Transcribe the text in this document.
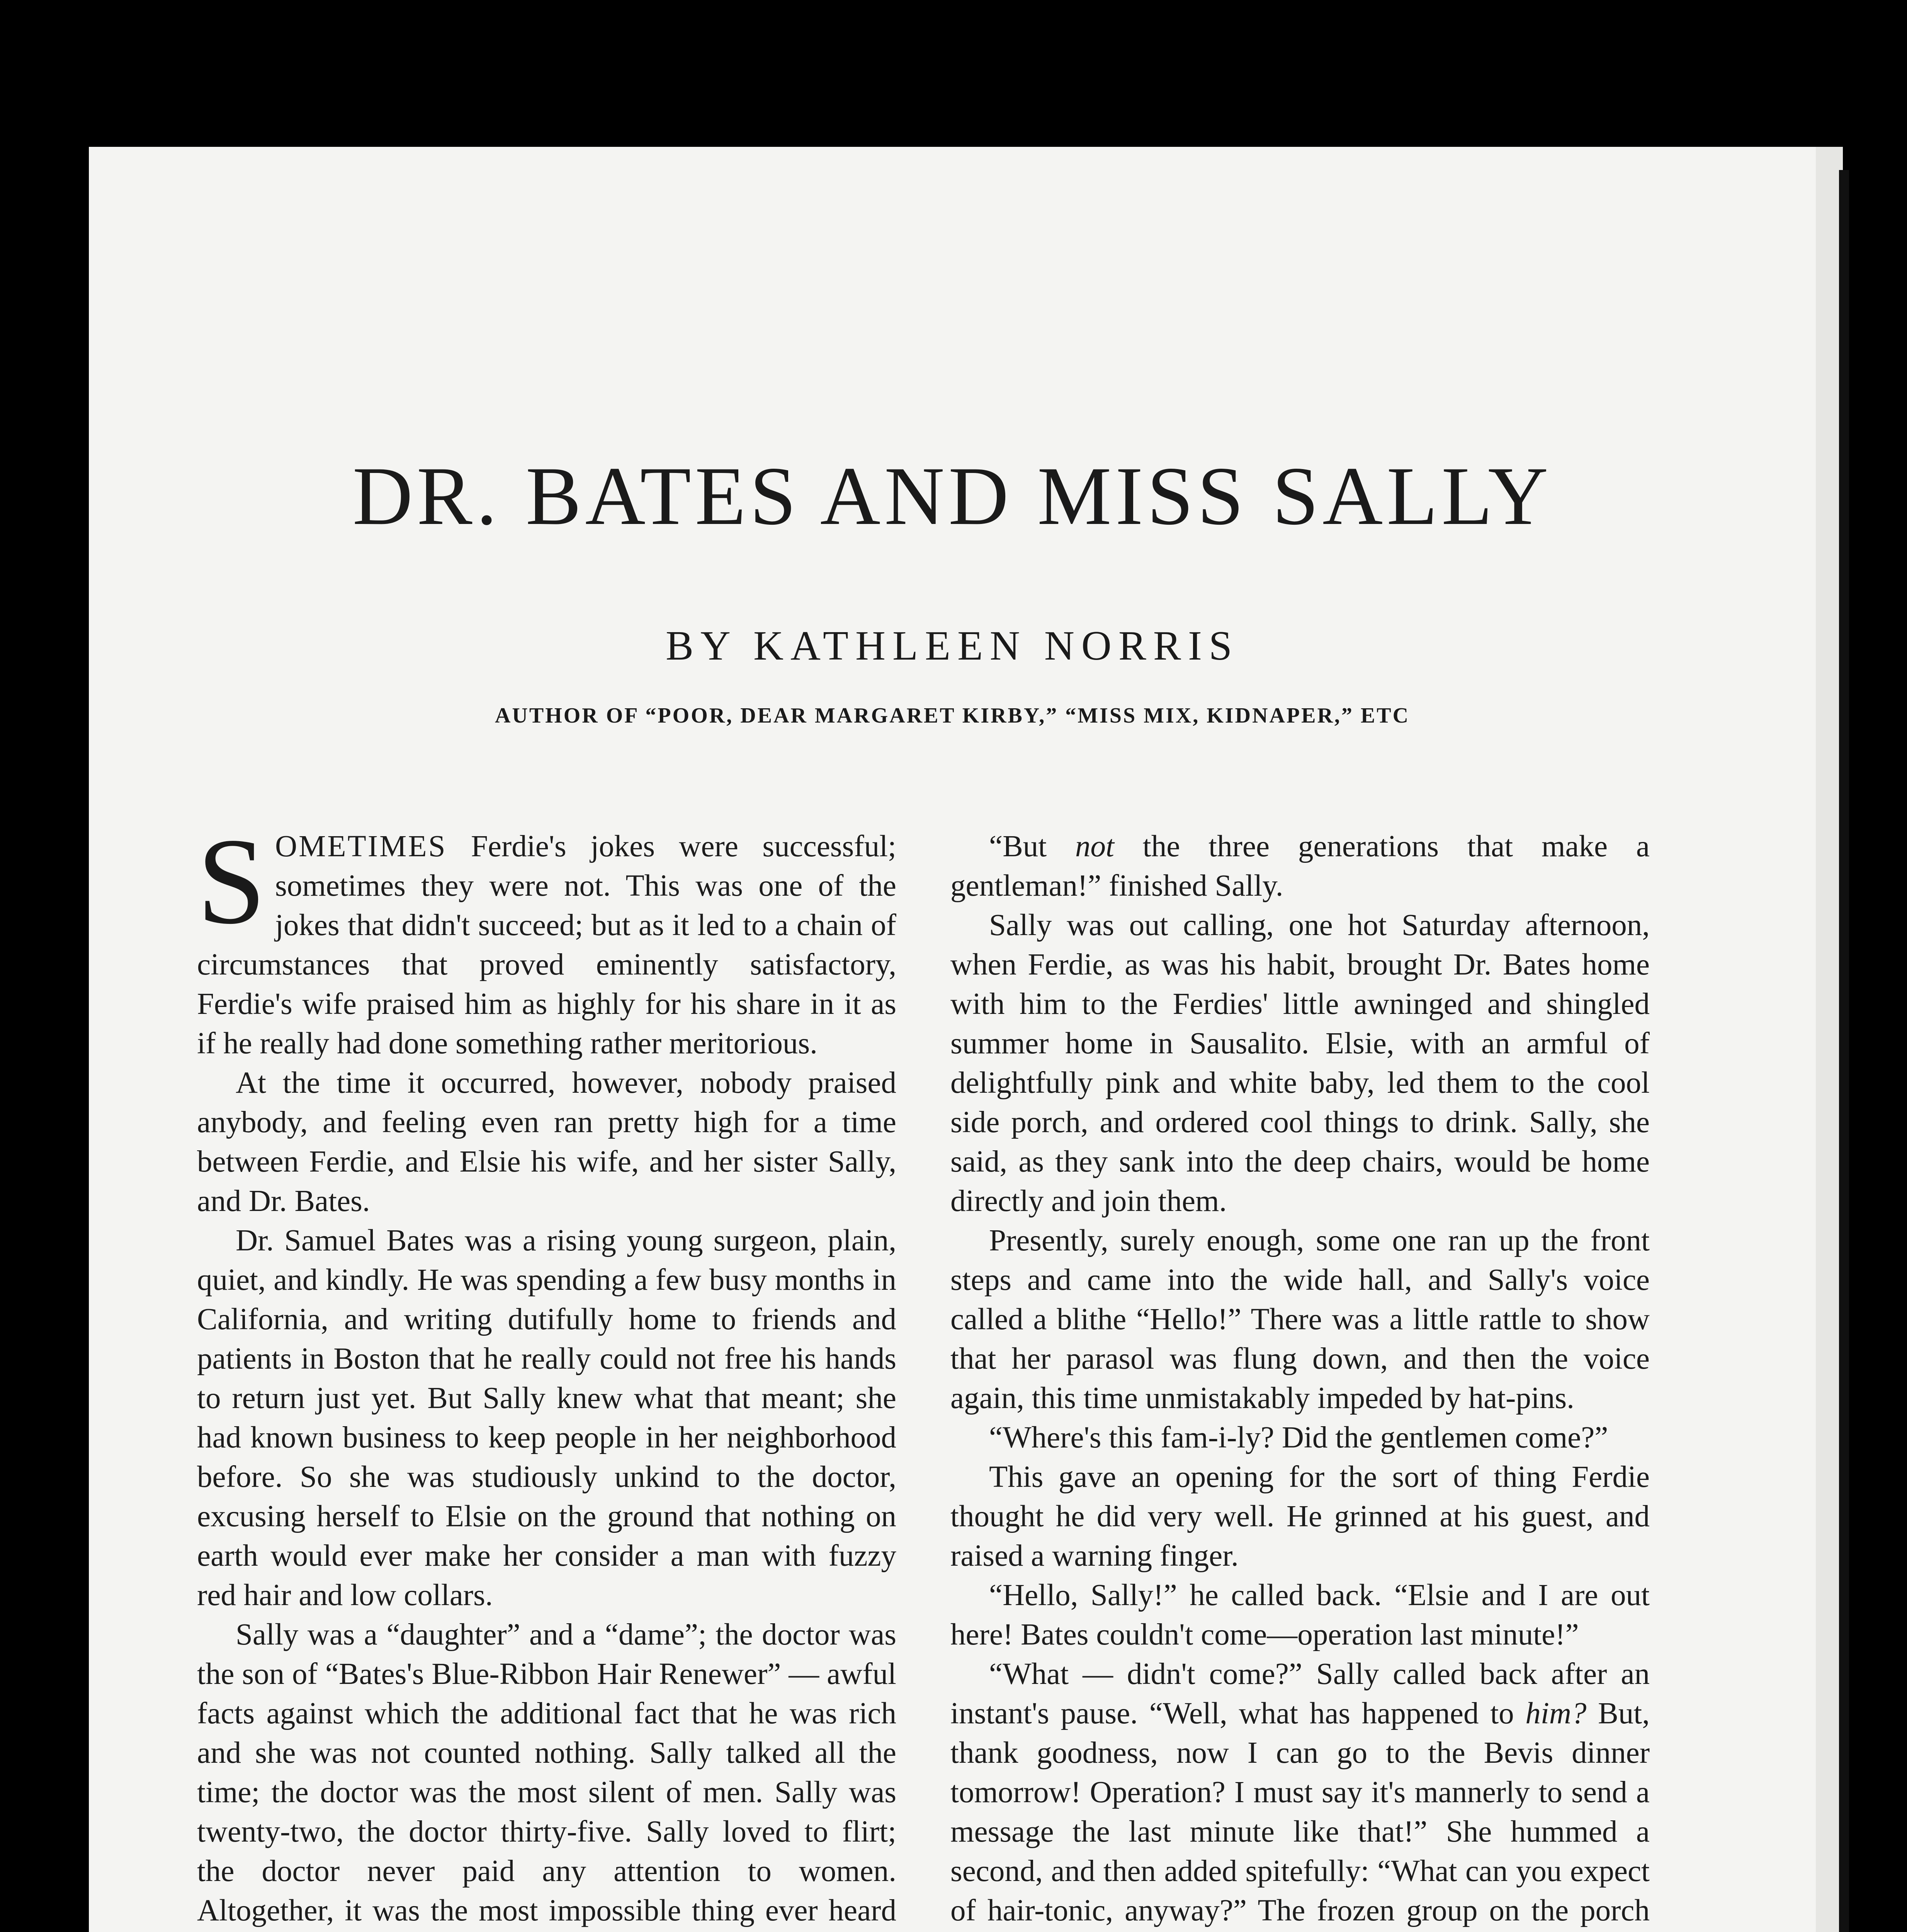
DR. BATES AND MISS SALLY
BY KATHLEEN NORRIS
AUTHOR OF “POOR, DEAR MARGARET KIRBY,” “MISS MIX, KIDNAPER,” ETC

SOMETIMES Ferdie's jokes were successful; sometimes they were not. This was one of the jokes that didn't succeed; but as it led to a chain of circumstances that proved eminently satisfactory, Ferdie's wife praised him as highly for his share in it as if he really had done something rather meritorious.

At the time it occurred, however, nobody praised anybody, and feeling even ran pretty high for a time between Ferdie, and Elsie his wife, and her sister Sally, and Dr. Bates.

Dr. Samuel Bates was a rising young surgeon, plain, quiet, and kindly. He was spending a few busy months in California, and writing dutifully home to friends and patients in Boston that he really could not free his hands to return just yet. But Sally knew what that meant; she had known business to keep people in her neighborhood before. So she was studiously unkind to the doctor, excusing herself to Elsie on the ground that nothing on earth would ever make her consider a man with fuzzy red hair and low collars.

Sally was a “daughter” and a “dame”; the doctor was the son of “Bates's Blue-Ribbon Hair Renewer” — awful facts against which the additional fact that he was rich and she was not counted nothing. Sally talked all the time; the doctor was the most silent of men. Sally was twenty-two, the doctor thirty-five. Sally loved to flirt; the doctor never paid any attention to women. Altogether, it was the most impossible thing ever heard

“But not the three generations that make a gentleman!” finished Sally.

Sally was out calling, one hot Saturday afternoon, when Ferdie, as was his habit, brought Dr. Bates home with him to the Ferdies' little awninged and shingled summer home in Sausalito. Elsie, with an armful of delightfully pink and white baby, led them to the cool side porch, and ordered cool things to drink. Sally, she said, as they sank into the deep chairs, would be home directly and join them.

Presently, surely enough, some one ran up the front steps and came into the wide hall, and Sally's voice called a blithe “Hello!” There was a little rattle to show that her parasol was flung down, and then the voice again, this time unmistakably impeded by hat-pins.

“Where's this fam-i-ly? Did the gentlemen come?”

This gave an opening for the sort of thing Ferdie thought he did very well. He grinned at his guest, and raised a warning finger.

“Hello, Sally!” he called back. “Elsie and I are out here! Bates couldn't come—operation last minute!”

“What — didn't come?” Sally called back after an instant's pause. “Well, what has happened to him? But, thank goodness, now I can go to the Bevis dinner tomorrow! Operation? I must say it's mannerly to send a message the last minute like that!” She hummed a second, and then added spitefully: “What can you expect of hair-tonic, anyway?” The frozen group on the porch
